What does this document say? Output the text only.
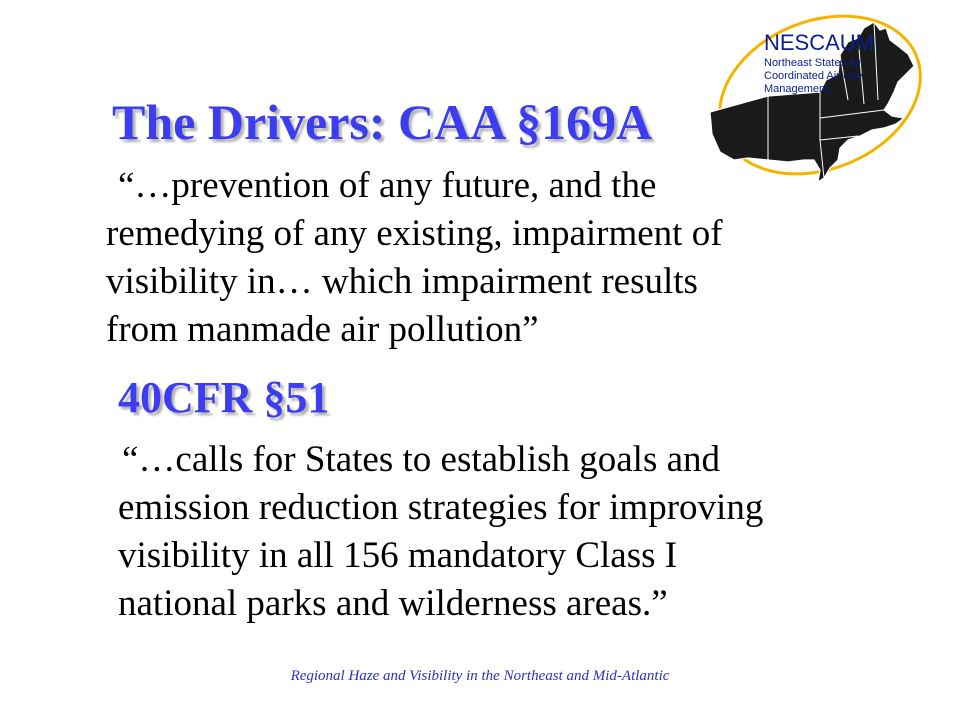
NESCAUM
Northeast States for
Coordinated Air Use
Management
The Drivers: CAA §169A

“…prevention of any future, and the
remedying of any existing, impairment of
visibility in… which impairment results
from manmade air pollution”

40CFR §51

“…calls for States to establish goals and
emission reduction strategies for improving
visibility in all 156 mandatory Class I
national parks and wilderness areas.”

Regional Haze and Visibility in the Northeast and Mid-Atlantic
